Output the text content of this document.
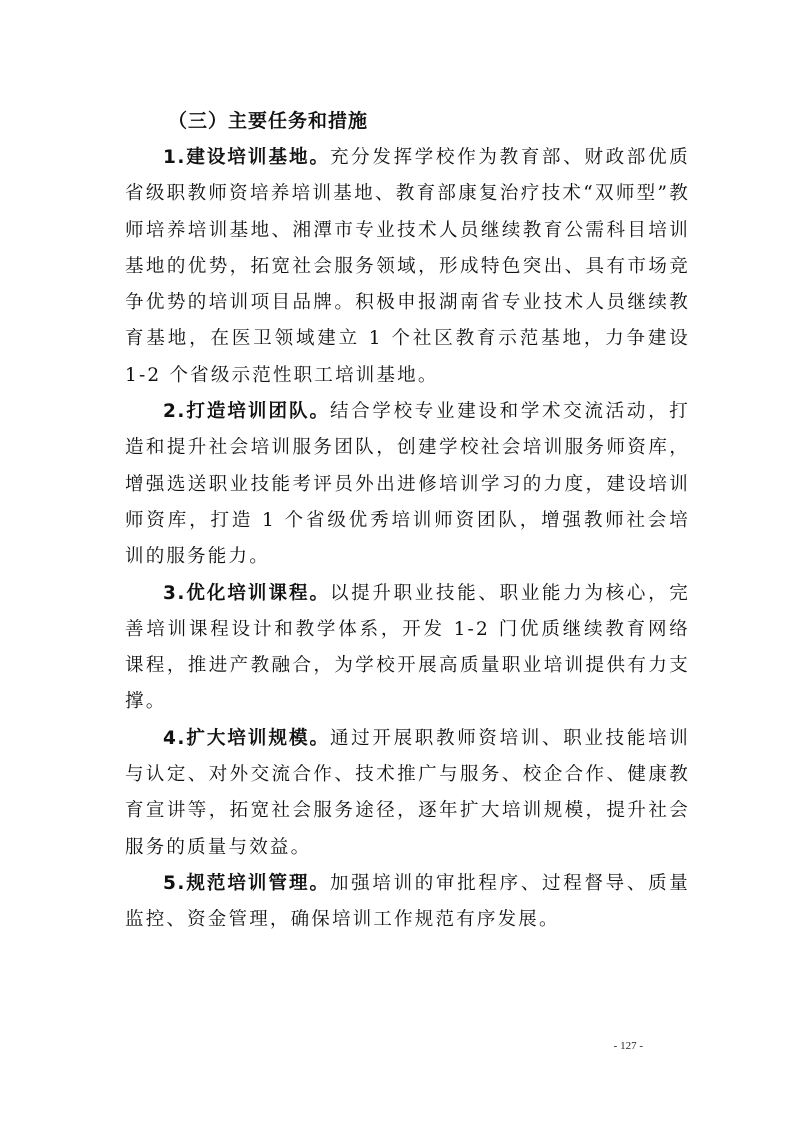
（三）主要任务和措施

1.建设培训基地。充分发挥学校作为教育部、财政部优质省级职教师资培养培训基地、教育部康复治疗技术“双师型”教师培养培训基地、湘潭市专业技术人员继续教育公需科目培训基地的优势，拓宽社会服务领域，形成特色突出、具有市场竞争优势的培训项目品牌。积极申报湖南省专业技术人员继续教育基地，在医卫领域建立 1 个社区教育示范基地，力争建设 1-2 个省级示范性职工培训基地。

2.打造培训团队。结合学校专业建设和学术交流活动，打造和提升社会培训服务团队，创建学校社会培训服务师资库，增强选送职业技能考评员外出进修培训学习的力度，建设培训师资库，打造 1 个省级优秀培训师资团队，增强教师社会培训的服务能力。

3.优化培训课程。以提升职业技能、职业能力为核心，完善培训课程设计和教学体系，开发 1-2 门优质继续教育网络课程，推进产教融合，为学校开展高质量职业培训提供有力支撑。

4.扩大培训规模。通过开展职教师资培训、职业技能培训与认定、对外交流合作、技术推广与服务、校企合作、健康教育宣讲等，拓宽社会服务途径，逐年扩大培训规模，提升社会服务的质量与效益。

5.规范培训管理。加强培训的审批程序、过程督导、质量监控、资金管理，确保培训工作规范有序发展。

- 127 -
